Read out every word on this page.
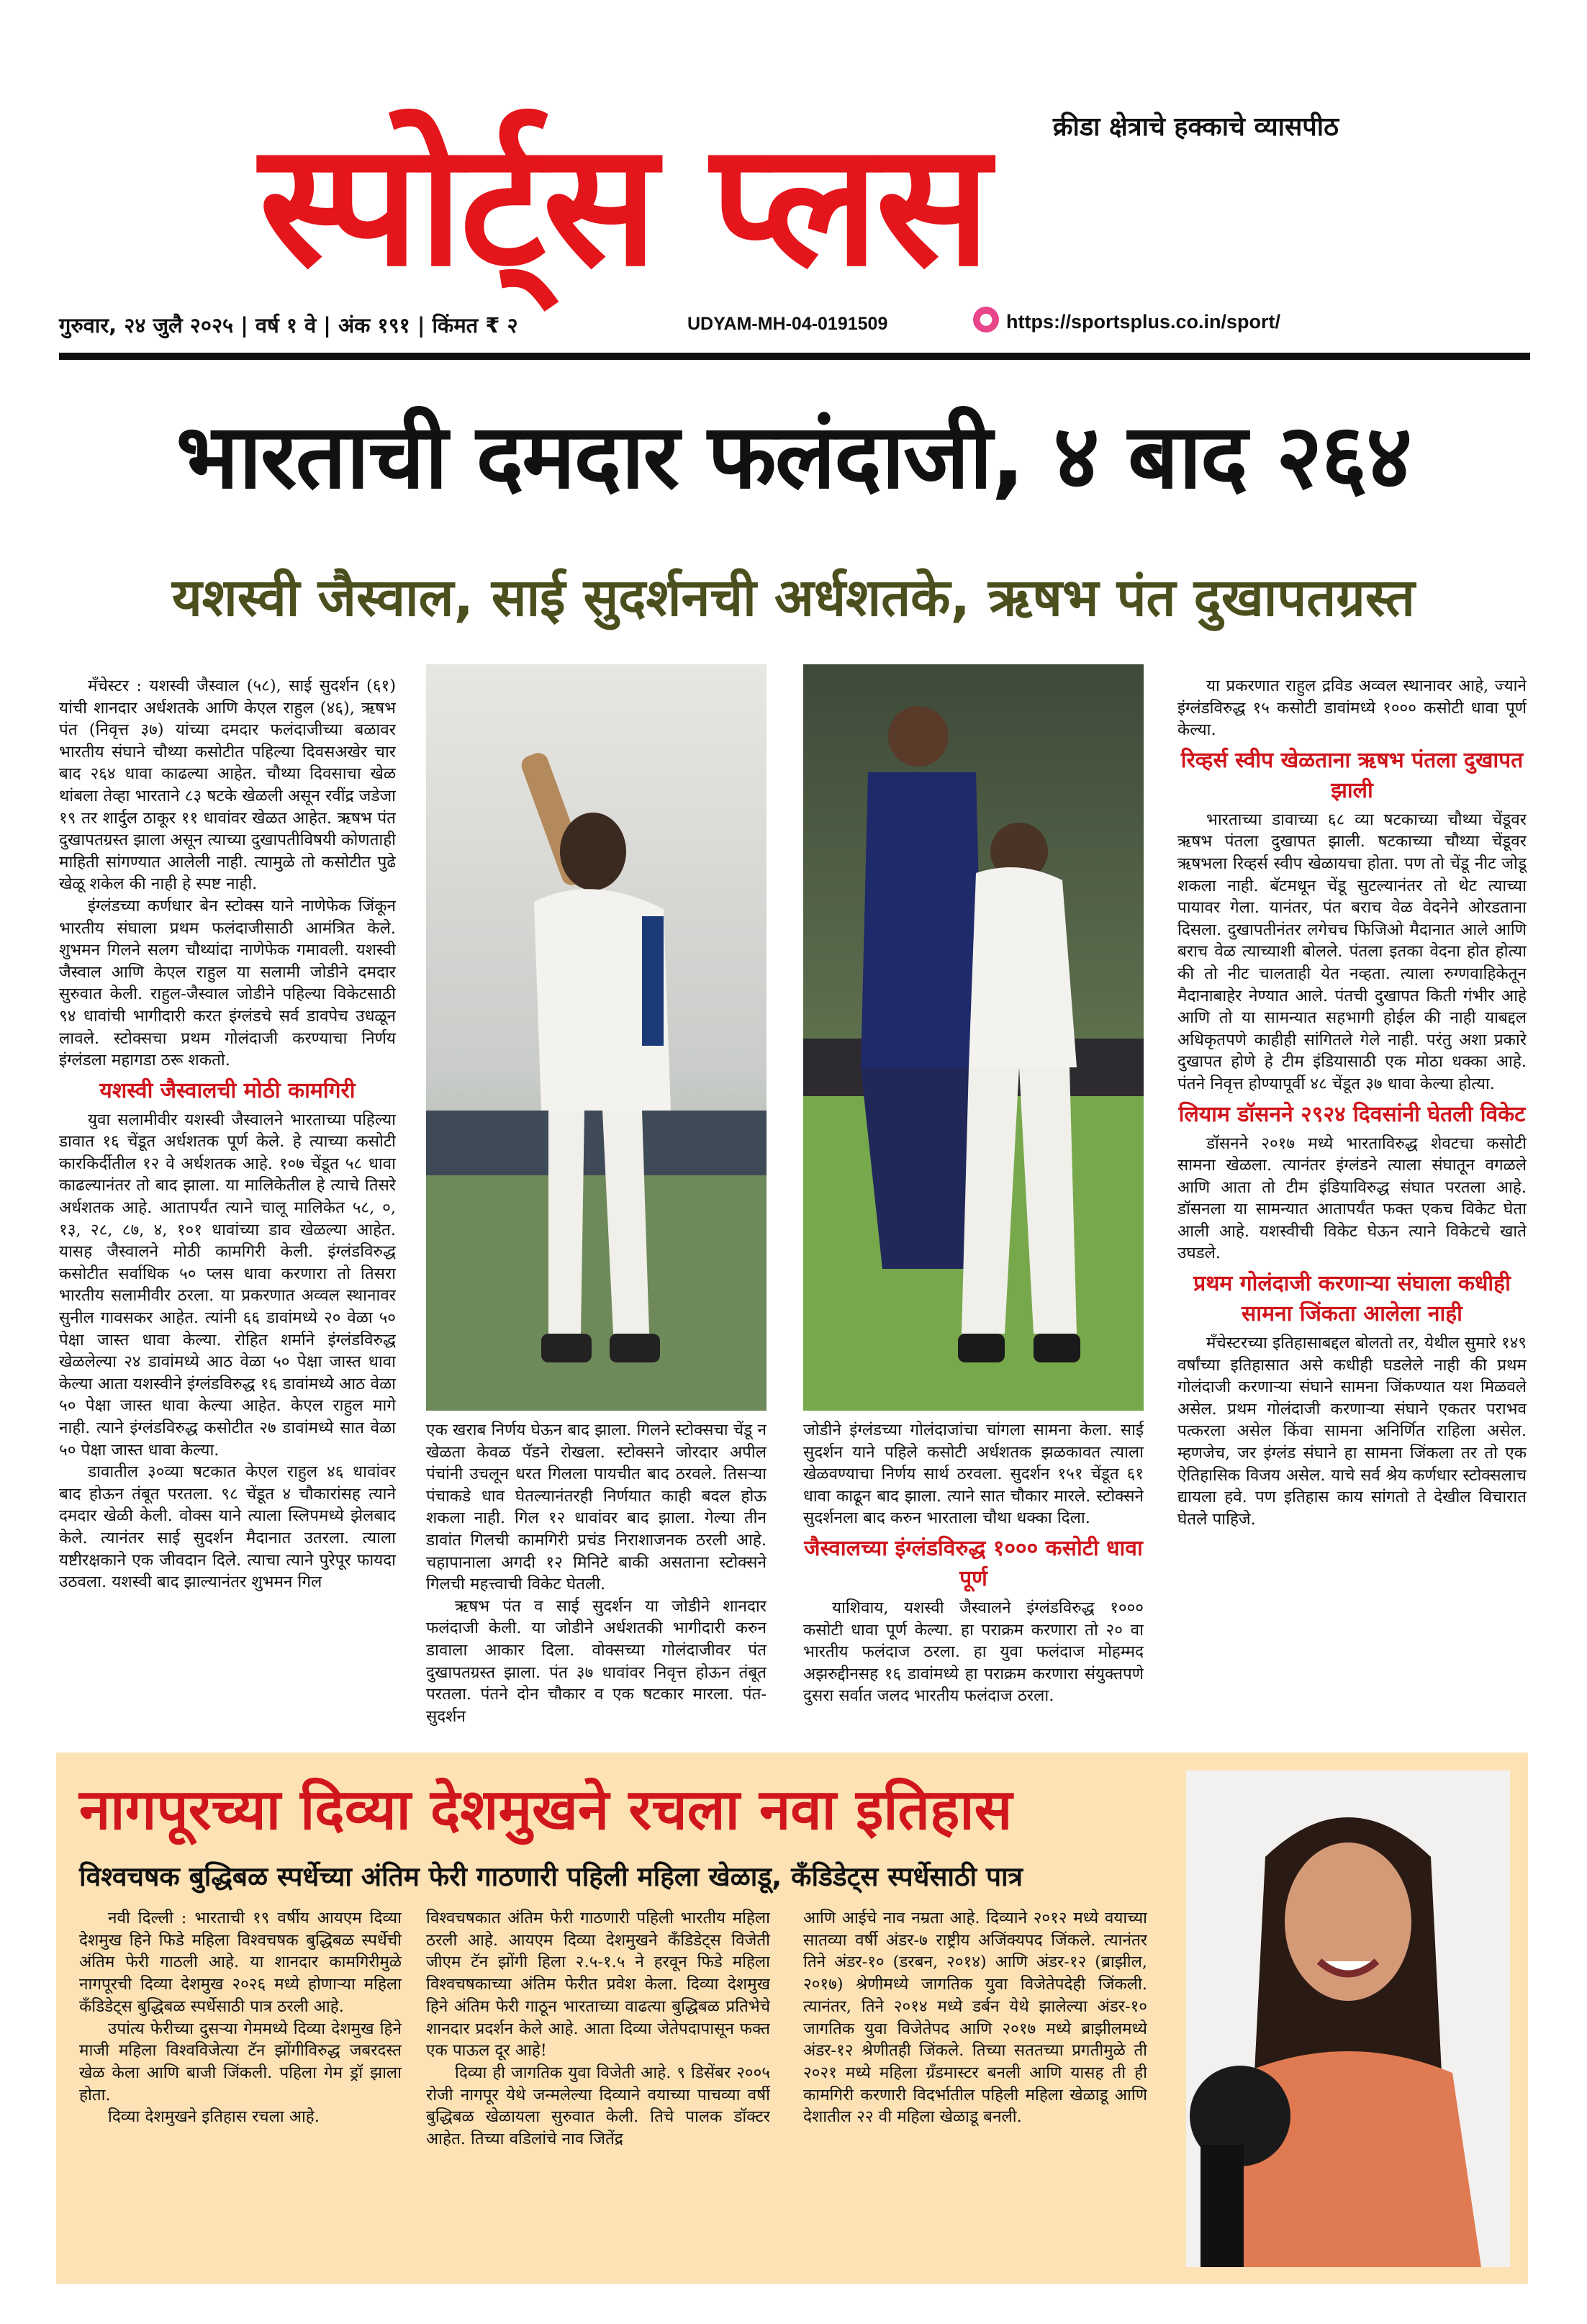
स्पोर्ट्स प्लस	क्रीडा क्षेत्राचे हक्काचे व्यासपीठ
गुरुवार, २४ जुलै २०२५ | वर्ष १ वे | अंक १९१ | किंमत ₹ २	UDYAM-MH-04-0191509	● https://sportsplus.co.in/sport/
भारताची दमदार फलंदाजी, ४ बाद २६४
यशस्वी जैस्वाल, साई सुदर्शनची अर्धशतके, ऋषभ पंत दुखापतग्रस्त

मँचेस्टर : यशस्वी जैस्वाल (५८), साई सुदर्शन (६१) यांची शानदार अर्धशतके आणि केएल राहुल (४६), ऋषभ पंत (निवृत्त ३७) यांच्या दमदार फलंदाजीच्या बळावर भारतीय संघाने चौथ्या कसोटीत पहिल्या दिवसअखेर चार बाद २६४ धावा काढल्या आहेत. चौथ्या दिवसाचा खेळ थांबला तेव्हा भारताने ८३ षटके खेळली असून रवींद्र जडेजा १९ तर शार्दुल ठाकूर ११ धावांवर खेळत आहेत. ऋषभ पंत दुखापतग्रस्त झाला असून त्याच्या दुखापतीविषयी कोणताही माहिती सांगण्यात आलेली नाही. त्यामुळे तो कसोटीत पुढे खेळू शकेल की नाही हे स्पष्ट नाही.

इंग्लंडच्या कर्णधार बेन स्टोक्स याने नाणेफेक जिंकून भारतीय संघाला प्रथम फलंदाजीसाठी आमंत्रित केले. शुभमन गिलने सलग चौथ्यांदा नाणेफेक गमावली. यशस्वी जैस्वाल आणि केएल राहुल या सलामी जोडीने दमदार सुरुवात केली. राहुल-जैस्वाल जोडीने पहिल्या विकेटसाठी ९४ धावांची भागीदारी करत इंग्लंडचे सर्व डावपेच उधळून लावले. स्टोक्सचा प्रथम गोलंदाजी करण्याचा निर्णय इंग्लंडला महागडा ठरू शकतो.

यशस्वी जैस्वालची मोठी कामगिरी

युवा सलामीवीर यशस्वी जैस्वालने भारताच्या पहिल्या डावात १६ चेंडूत अर्धशतक पूर्ण केले. हे त्याच्या कसोटी कारकिर्दीतील १२ वे अर्धशतक आहे. १०७ चेंडूत ५८ धावा काढल्यानंतर तो बाद झाला. या मालिकेतील हे त्याचे तिसरे अर्धशतक आहे. आतापर्यंत त्याने चालू मालिकेत ५८, ०, १३, २८, ८७, ४, १०१ धावांच्या डाव खेळल्या आहेत. यासह जैस्वालने मोठी कामगिरी केली. इंग्लंडविरुद्ध कसोटीत सर्वाधिक ५० प्लस धावा करणारा तो तिसरा भारतीय सलामीवीर ठरला. या प्रकरणात अव्वल स्थानावर सुनील गावसकर आहेत. त्यांनी ६६ डावांमध्ये २० वेळा ५० पेक्षा जास्त धावा केल्या. रोहित शर्माने इंग्लंडविरुद्ध खेळलेल्या २४ डावांमध्ये आठ वेळा ५० पेक्षा जास्त धावा केल्या आता यशस्वीने इंग्लंडविरुद्ध १६ डावांमध्ये आठ वेळा ५० पेक्षा जास्त धावा केल्या आहेत. केएल राहुल मागे नाही. त्याने इंग्लंडविरुद्ध कसोटीत २७ डावांमध्ये सात वेळा ५० पेक्षा जास्त धावा केल्या.

डावातील ३०व्या षटकात केएल राहुल ४६ धावांवर बाद होऊन तंबूत परतला. ९८ चेंडूत ४ चौकारांसह त्याने दमदार खेळी केली. वोक्स याने त्याला स्लिपमध्ये झेलबाद केले. त्यानंतर साई सुदर्शन मैदानात उतरला. त्याला यष्टीरक्षकाने एक जीवदान दिले. त्याचा त्याने पुरेपूर फायदा उठवला. यशस्वी बाद झाल्यानंतर शुभमन गिल

एक खराब निर्णय घेऊन बाद झाला. गिलने स्टोक्सचा चेंडू न खेळता केवळ पॅडने रोखला. स्टोक्सने जोरदार अपील पंचांनी उचलून धरत गिलला पायचीत बाद ठरवले. तिसऱ्या पंचाकडे धाव घेतल्यानंतरही निर्णयात काही बदल होऊ शकला नाही. गिल १२ धावांवर बाद झाला. गेल्या तीन डावांत गिलची कामगिरी प्रचंड निराशाजनक ठरली आहे. चहापानाला अगदी १२ मिनिटे बाकी असताना स्टोक्सने गिलची महत्त्वाची विकेट घेतली.

ऋषभ पंत व साई सुदर्शन या जोडीने शानदार फलंदाजी केली. या जोडीने अर्धशतकी भागीदारी करुन डावाला आकार दिला. वोक्सच्या गोलंदाजीवर पंत दुखापतग्रस्त झाला. पंत ३७ धावांवर निवृत्त होऊन तंबूत परतला. पंतने दोन चौकार व एक षटकार मारला. पंत-सुदर्शन

जोडीने इंग्लंडच्या गोलंदाजांचा चांगला सामना केला. साई सुदर्शन याने पहिले कसोटी अर्धशतक झळकावत त्याला खेळवण्याचा निर्णय सार्थ ठरवला. सुदर्शन १५१ चेंडूत ६१ धावा काढून बाद झाला. त्याने सात चौकार मारले. स्टोक्सने सुदर्शनला बाद करुन भारताला चौथा धक्का दिला.

जैस्वालच्या इंग्लंडविरुद्ध १००० कसोटी धावा पूर्ण

याशिवाय, यशस्वी जैस्वालने इंग्लंडविरुद्ध १००० कसोटी धावा पूर्ण केल्या. हा पराक्रम करणारा तो २० वा भारतीय फलंदाज ठरला. हा युवा फलंदाज मोहम्मद अझरुद्दीनसह १६ डावांमध्ये हा पराक्रम करणारा संयुक्तपणे दुसरा सर्वात जलद भारतीय फलंदाज ठरला.

या प्रकरणात राहुल द्रविड अव्वल स्थानावर आहे, ज्याने इंग्लंडविरुद्ध १५ कसोटी डावांमध्ये १००० कसोटी धावा पूर्ण केल्या.

रिव्हर्स स्वीप खेळताना ऋषभ पंतला दुखापत झाली

भारताच्या डावाच्या ६८ व्या षटकाच्या चौथ्या चेंडूवर ऋषभ पंतला दुखापत झाली. षटकाच्या चौथ्या चेंडूवर ऋषभला रिव्हर्स स्वीप खेळायचा होता. पण तो चेंडू नीट जोडू शकला नाही. बॅटमधून चेंडू सुटल्यानंतर तो थेट त्याच्या पायावर गेला. यानंतर, पंत बराच वेळ वेदनेने ओरडताना दिसला. दुखापतीनंतर लगेचच फिजिओ मैदानात आले आणि बराच वेळ त्याच्याशी बोलले. पंतला इतका वेदना होत होत्या की तो नीट चालताही येत नव्हता. त्याला रुग्णवाहिकेतून मैदानाबाहेर नेण्यात आले. पंतची दुखापत किती गंभीर आहे आणि तो या सामन्यात सहभागी होईल की नाही याबद्दल अधिकृतपणे काहीही सांगितले गेले नाही. परंतु अशा प्रकारे दुखापत होणे हे टीम इंडियासाठी एक मोठा धक्का आहे. पंतने निवृत्त होण्यापूर्वी ४८ चेंडूत ३७ धावा केल्या होत्या.

लियाम डॉसनने २९२४ दिवसांनी घेतली विकेट

डॉसनने २०१७ मध्ये भारताविरुद्ध शेवटचा कसोटी सामना खेळला. त्यानंतर इंग्लंडने त्याला संघातून वगळले आणि आता तो टीम इंडियाविरुद्ध संघात परतला आहे. डॉसनला या सामन्यात आतापर्यंत फक्त एकच विकेट घेता आली आहे. यशस्वीची विकेट घेऊन त्याने विकेटचे खाते उघडले.

प्रथम गोलंदाजी करणाऱ्या संघाला कधीही सामना जिंकता आलेला नाही

मँचेस्टरच्या इतिहासाबद्दल बोलतो तर, येथील सुमारे १४९ वर्षांच्या इतिहासात असे कधीही घडलेले नाही की प्रथम गोलंदाजी करणाऱ्या संघाने सामना जिंकण्यात यश मिळवले असेल. प्रथम गोलंदाजी करणाऱ्या संघाने एकतर पराभव पत्करला असेल किंवा सामना अनिर्णित राहिला असेल. म्हणजेच, जर इंग्लंड संघाने हा सामना जिंकला तर तो एक ऐतिहासिक विजय असेल. याचे सर्व श्रेय कर्णधार स्टोक्सलाच द्यायला हवे. पण इतिहास काय सांगतो ते देखील विचारात घेतले पाहिजे.

नागपूरच्या दिव्या देशमुखने रचला नवा इतिहास
विश्वचषक बुद्धिबळ स्पर्धेच्या अंतिम फेरी गाठणारी पहिली महिला खेळाडू, कँडिडेट्स स्पर्धेसाठी पात्र

नवी दिल्ली : भारताची १९ वर्षीय आयएम दिव्या देशमुख हिने फिडे महिला विश्वचषक बुद्धिबळ स्पर्धेची अंतिम फेरी गाठली आहे. या शानदार कामगिरीमुळे नागपूरची दिव्या देशमुख २०२६ मध्ये होणाऱ्या महिला कँडिडेट्स बुद्धिबळ स्पर्धेसाठी पात्र ठरली आहे.

उपांत्य फेरीच्या दुसऱ्या गेममध्ये दिव्या देशमुख हिने माजी महिला विश्वविजेत्या टॅन झोंगीविरुद्ध जबरदस्त खेळ केला आणि बाजी जिंकली. पहिला गेम ड्रॉ झाला होता.

दिव्या देशमुखने इतिहास रचला आहे.

विश्वचषकात अंतिम फेरी गाठणारी पहिली भारतीय महिला ठरली आहे. आयएम दिव्या देशमुखने कँडिडेट्स विजेती जीएम टॅन झोंगी हिला २.५-१.५ ने हरवून फिडे महिला विश्वचषकाच्या अंतिम फेरीत प्रवेश केला. दिव्या देशमुख हिने अंतिम फेरी गाठून भारताच्या वाढत्या बुद्धिबळ प्रतिभेचे शानदार प्रदर्शन केले आहे. आता दिव्या जेतेपदापासून फक्त एक पाऊल दूर आहे!

दिव्या ही जागतिक युवा विजेती आहे. ९ डिसेंबर २००५ रोजी नागपूर येथे जन्मलेल्या दिव्याने वयाच्या पाचव्या वर्षी बुद्धिबळ खेळायला सुरुवात केली. तिचे पालक डॉक्टर आहेत. तिच्या वडिलांचे नाव जितेंद्र

आणि आईचे नाव नम्रता आहे. दिव्याने २०१२ मध्ये वयाच्या सातव्या वर्षी अंडर-७ राष्ट्रीय अजिंक्यपद जिंकले. त्यानंतर तिने अंडर-१० (डरबन, २०१४) आणि अंडर-१२ (ब्राझील, २०१७) श्रेणीमध्ये जागतिक युवा विजेतेपदेही जिंकली. त्यानंतर, तिने २०१४ मध्ये डर्बन येथे झालेल्या अंडर-१० जागतिक युवा विजेतेपद आणि २०१७ मध्ये ब्राझीलमध्ये अंडर-१२ श्रेणीतही जिंकले. तिच्या सततच्या प्रगतीमुळे ती २०२१ मध्ये महिला ग्रँडमास्टर बनली आणि यासह ती ही कामगिरी करणारी विदर्भातील पहिली महिला खेळाडू आणि देशातील २२ वी महिला खेळाडू बनली.
